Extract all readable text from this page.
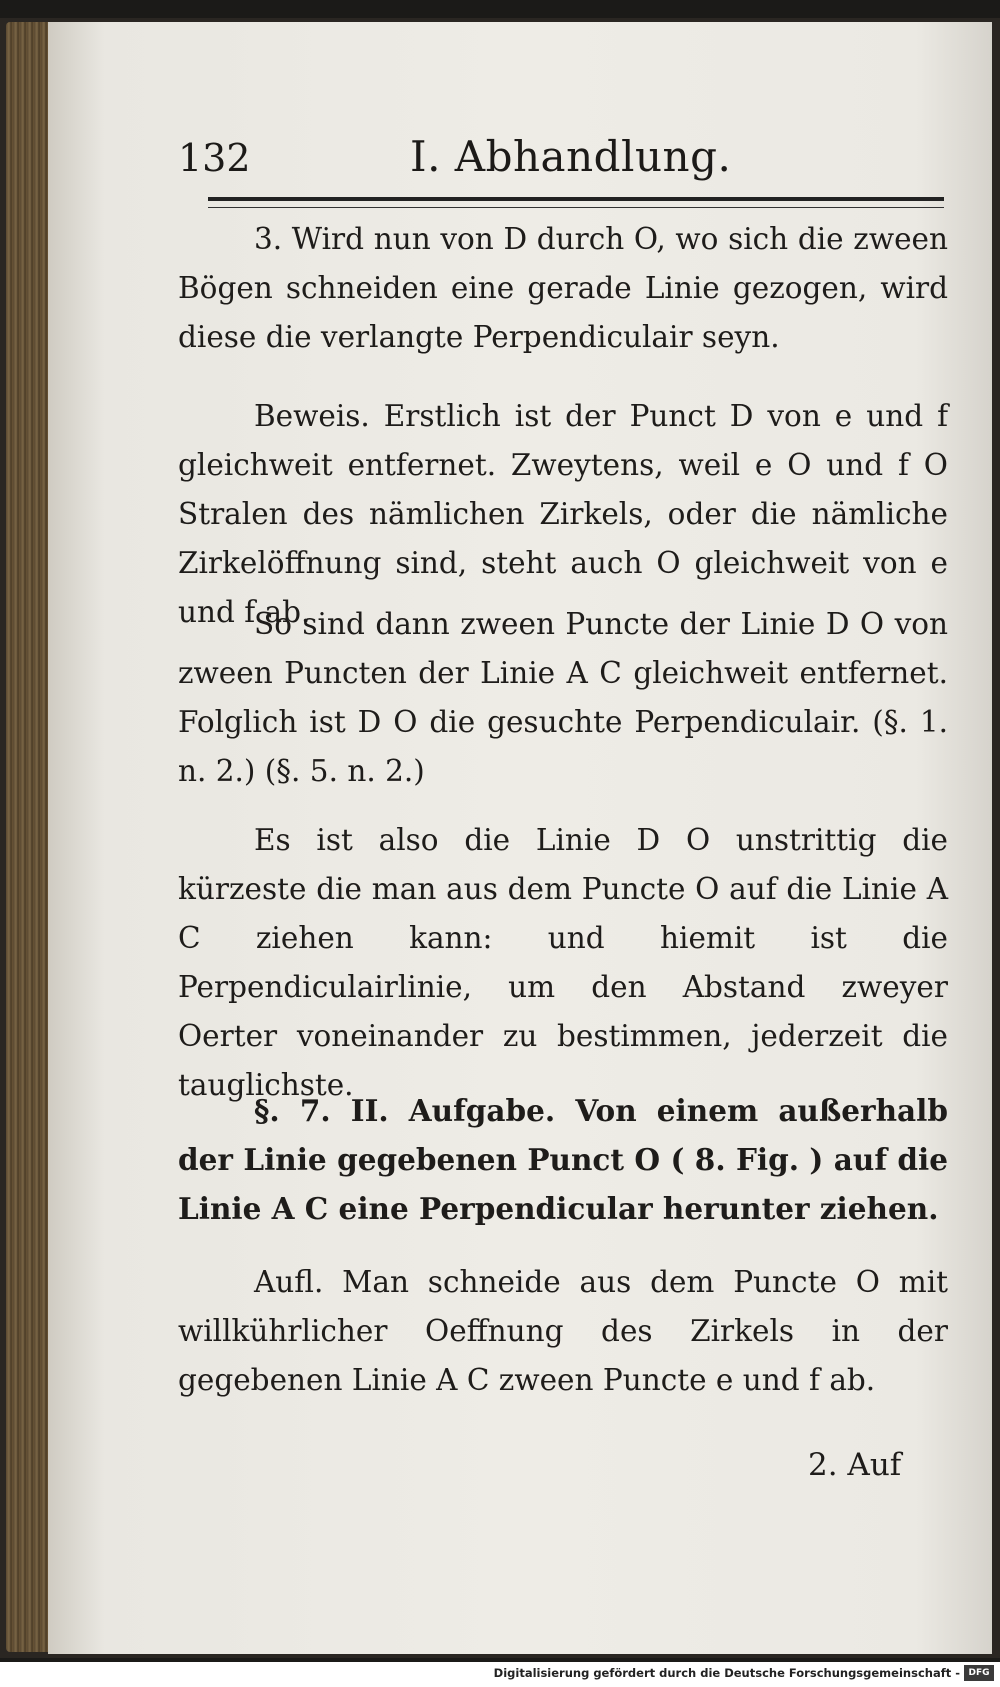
132	I. Abhandlung.
3. Wird nun von D durch O, wo sich die zween Bögen schneiden eine gerade Linie gezogen, wird diese die verlangte Perpendiculair seyn.
Beweis. Erstlich ist der Punct D von e und f gleichweit entfernet. Zweytens, weil e O und f O Stralen des nämlichen Zirkels, oder die nämliche Zirkelöffnung sind, steht auch O gleichweit von e und f ab.
So sind dann zween Puncte der Linie D O von zween Puncten der Linie A C gleichweit entfernet. Folglich ist D O die gesuchte Perpendiculair. (§. 1. n. 2.) (§. 5. n. 2.)
Es ist also die Linie D O unstrittig die kürzeste die man aus dem Puncte O auf die Linie A C ziehen kann: und hiemit ist die Perpendiculairlinie, um den Abstand zweyer Oerter voneinander zu bestimmen, jederzeit die tauglichste.
§. 7. II. Aufgabe. Von einem außerhalb der Linie gegebenen Punct O ( 8. Fig. ) auf die Linie A C eine Perpendicular herunter ziehen.
Aufl. Man schneide aus dem Puncte O mit willkührlicher Oeffnung des Zirkels in der gegebenen Linie A C zween Puncte e und f ab.
2. Auf
Digitalisierung gefördert durch die Deutsche Forschungsgemeinschaft - DFG
